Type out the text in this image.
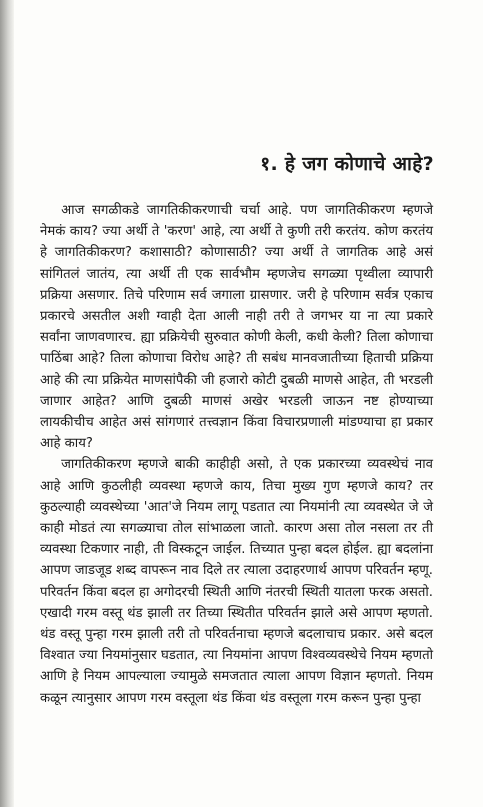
१. हे जग कोणाचे आहे?

आज सगळीकडे जागतिकीकरणाची चर्चा आहे. पण जागतिकीकरण म्हणजे नेमकं काय? ज्या अर्थी ते 'करण' आहे, त्या अर्थी ते कुणी तरी करतंय. कोण करतंय हे जागतिकीकरण? कशासाठी? कोणासाठी? ज्या अर्थी ते जागतिक आहे असं सांगितलं जातंय, त्या अर्थी ती एक सार्वभौम म्हणजेच सगळ्या पृथ्वीला व्यापारी प्रक्रिया असणार. तिचे परिणाम सर्व जगाला ग्रासणार. जरी हे परिणाम सर्वत्र एकाच प्रकारचे असतील अशी ग्वाही देता आली नाही तरी ते जगभर या ना त्या प्रकारे सर्वांना जाणवणारच. ह्या प्रक्रियेची सुरुवात कोणी केली, कधी केली? तिला कोणाचा पाठिंबा आहे? तिला कोणाचा विरोध आहे? ती सबंध मानवजातीच्या हिताची प्रक्रिया आहे की त्या प्रक्रियेत माणसांपैकी जी हजारो कोटी दुबळी माणसे आहेत, ती भरडली जाणार आहेत? आणि दुबळी माणसं अखेर भरडली जाऊन नष्ट होण्याच्या लायकीचीच आहेत असं सांगणारं तत्त्वज्ञान किंवा विचारप्रणाली मांडण्याचा हा प्रकार आहे काय?

जागतिकीकरण म्हणजे बाकी काहीही असो, ते एक प्रकारच्या व्यवस्थेचं नाव आहे आणि कुठलीही व्यवस्था म्हणजे काय, तिचा मुख्य गुण म्हणजे काय? तर कुठल्याही व्यवस्थेच्या 'आत'जे नियम लागू पडतात त्या नियमांनी त्या व्यवस्थेत जे जे काही मोडतं त्या सगळ्याचा तोल सांभाळला जातो. कारण असा तोल नसला तर ती व्यवस्था टिकणार नाही, ती विस्कटून जाईल. तिच्यात पुन्हा बदल होईल. ह्या बदलांना आपण जाडजूड शब्द वापरून नाव दिले तर त्याला उदाहरणार्थ आपण परिवर्तन म्हणू. परिवर्तन किंवा बदल हा अगोदरची स्थिती आणि नंतरची स्थिती यातला फरक असतो. एखादी गरम वस्तू थंड झाली तर तिच्या स्थितीत परिवर्तन झाले असे आपण म्हणतो. थंड वस्तू पुन्हा गरम झाली तरी तो परिवर्तनाचा म्हणजे बदलाचाच प्रकार. असे बदल विश्वात ज्या नियमांनुसार घडतात, त्या नियमांना आपण विश्वव्यवस्थेचे नियम म्हणतो आणि हे नियम आपल्याला ज्यामुळे समजतात त्याला आपण विज्ञान म्हणतो. नियम कळून त्यानुसार आपण गरम वस्तूला थंड किंवा थंड वस्तूला गरम करून पुन्हा पुन्हा
